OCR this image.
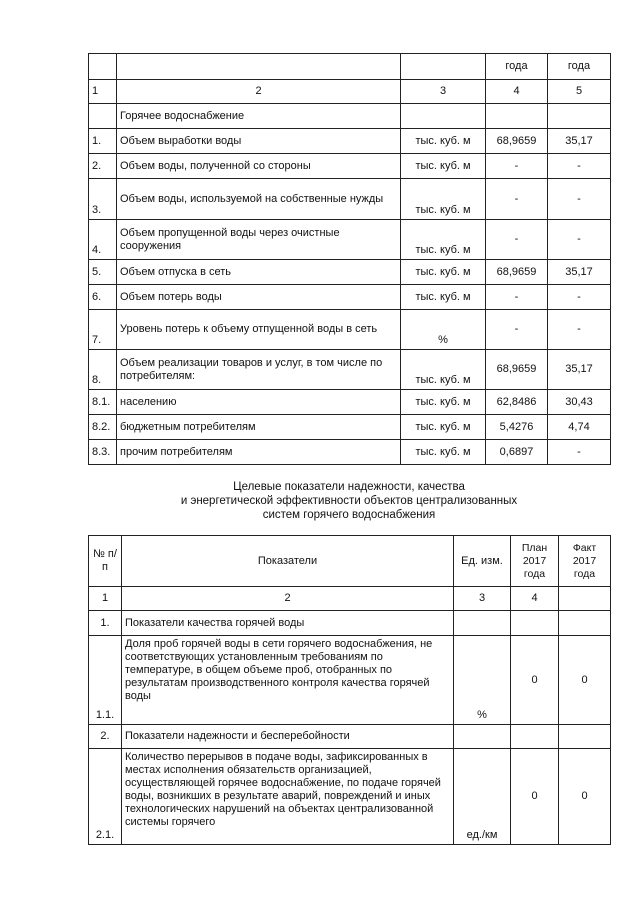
			года	года
1	2	3	4	5
	Горячее водоснабжение			
1.	Объем выработки воды	тыс. куб. м	68,9659	35,17
2.	Объем воды, полученной со стороны	тыс. куб. м	-	-
3.	Объем воды, используемой на собственные нужды	тыс. куб. м	-	-
4.	Объем пропущенной воды через очистные сооружения	тыс. куб. м	-	-
5.	Объем отпуска в сеть	тыс. куб. м	68,9659	35,17
6.	Объем потерь воды	тыс. куб. м	-	-
7.	Уровень потерь к объему отпущенной воды в сеть	%	-	-
8.	Объем реализации товаров и услуг, в том числе по потребителям:	тыс. куб. м	68,9659	35,17
8.1.	населению	тыс. куб. м	62,8486	30,43
8.2.	бюджетным потребителям	тыс. куб. м	5,4276	4,74
8.3.	прочим потребителям	тыс. куб. м	0,6897	-
Целевые показатели надежности, качества
и энергетической эффективности объектов централизованных
систем горячего водоснабжения
№ п/п	Показатели	Ед. изм.	План 2017 года	Факт 2017 года
1	2	3	4	
1.	Показатели качества горячей воды			
1.1.	Доля проб горячей воды в сети горячего водоснабжения, не соответствующих установленным требованиям по температуре, в общем объеме проб, отобранных по результатам производственного контроля качества горячей воды	%	0	0
2.	Показатели надежности и бесперебойности			
2.1.	Количество перерывов в подаче воды, зафиксированных в местах исполнения обязательств организацией, осуществляющей горячее водоснабжение, по подаче горячей воды, возникших в результате аварий, повреждений и иных технологических нарушений на объектах централизованной системы горячего	ед./км	0	0
